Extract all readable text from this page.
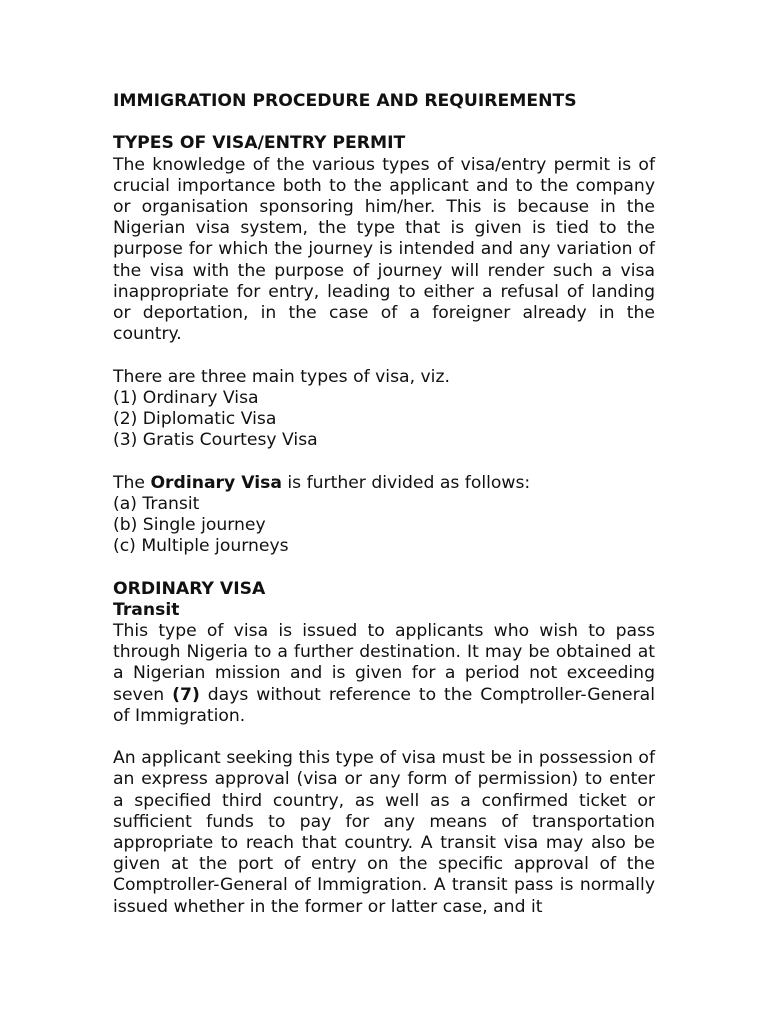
IMMIGRATION PROCEDURE AND REQUIREMENTS

TYPES OF VISA/ENTRY PERMIT

The knowledge of the various types of visa/entry permit is of crucial importance both to the applicant and to the company or organisation sponsoring him/her. This is because in the Nigerian visa system, the type that is given is tied to the purpose for which the journey is intended and any variation of the visa with the purpose of journey will render such a visa inappropriate for entry, leading to either a refusal of landing or deportation, in the case of a foreigner already in the country.

There are three main types of visa, viz.

(1) Ordinary Visa

(2) Diplomatic Visa

(3) Gratis Courtesy Visa

The Ordinary Visa is further divided as follows:

(a) Transit

(b) Single journey

(c) Multiple journeys

ORDINARY VISA

Transit

This type of visa is issued to applicants who wish to pass through Nigeria to a further destination. It may be obtained at a Nigerian mission and is given for a period not exceeding seven (7) days without reference to the Comptroller-General of Immigration.

An applicant seeking this type of visa must be in possession of an express approval (visa or any form of permission) to enter a specified third country, as well as a confirmed ticket or sufficient funds to pay for any means of transportation appropriate to reach that country. A transit visa may also be given at the port of entry on the specific approval of the Comptroller-General of Immigration. A transit pass is normally issued whether in the former or latter case, and it
